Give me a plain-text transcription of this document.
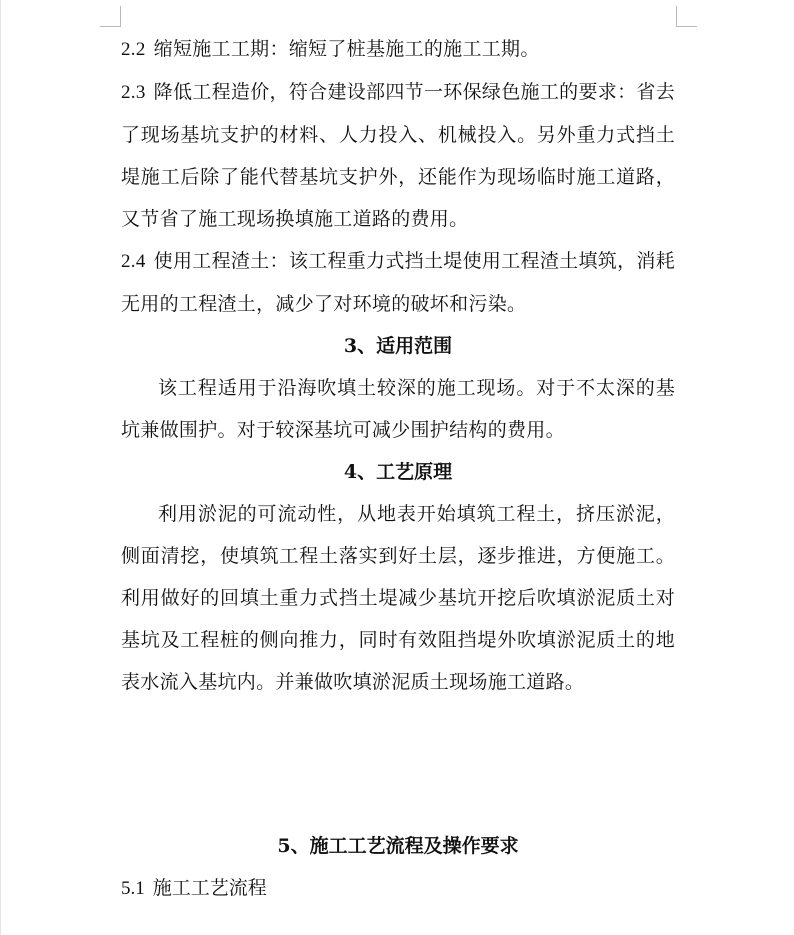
2.2 缩短施工工期：缩短了桩基施工的施工工期。

2.3 降低工程造价，符合建设部四节一环保绿色施工的要求：省去了现场基坑支护的材料、人力投入、机械投入。另外重力式挡土堤施工后除了能代替基坑支护外，还能作为现场临时施工道路，又节省了施工现场换填施工道路的费用。

2.4 使用工程渣土：该工程重力式挡土堤使用工程渣土填筑，消耗无用的工程渣土，减少了对环境的破坏和污染。

3、适用范围

该工程适用于沿海吹填土较深的施工现场。对于不太深的基坑兼做围护。对于较深基坑可减少围护结构的费用。

4、工艺原理

利用淤泥的可流动性，从地表开始填筑工程土，挤压淤泥，侧面清挖，使填筑工程土落实到好土层，逐步推进，方便施工。利用做好的回填土重力式挡土堤减少基坑开挖后吹填淤泥质土对基坑及工程桩的侧向推力，同时有效阻挡堤外吹填淤泥质土的地表水流入基坑内。并兼做吹填淤泥质土现场施工道路。

5、施工工艺流程及操作要求

5.1 施工工艺流程
